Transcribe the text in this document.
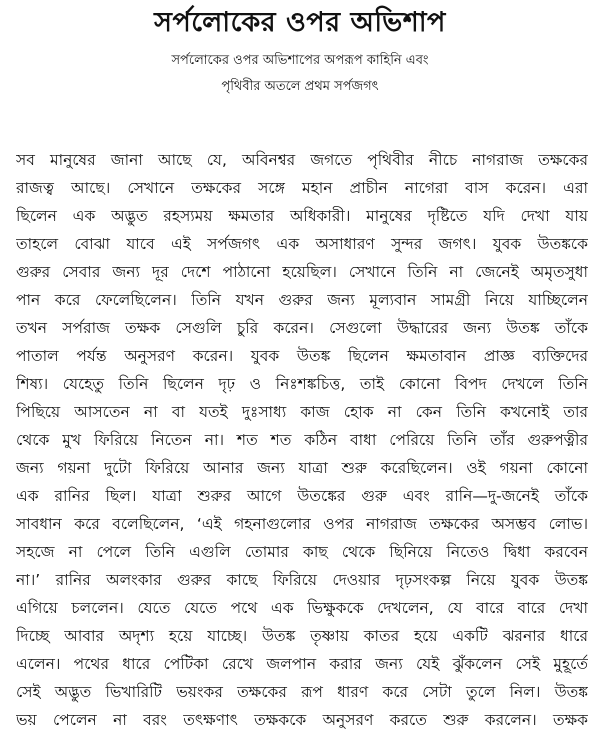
সর্পলোকের ওপর অভিশাপ
সর্পলোকের ওপর অভিশাপের অপরূপ কাহিনি এবং
পৃথিবীর অতলে প্রথম সর্পজগৎ
সব মানুষের জানা আছে যে, অবিনশ্বর জগতে পৃথিবীর নীচে নাগরাজ তক্ষকের
রাজত্ব আছে। সেখানে তক্ষকের সঙ্গে মহান প্রাচীন নাগেরা বাস করেন। এরা
ছিলেন এক অদ্ভুত রহস্যময় ক্ষমতার অধিকারী। মানুষের দৃষ্টিতে যদি দেখা যায়
তাহলে বোঝা যাবে এই সর্পজগৎ এক অসাধারণ সুন্দর জগৎ। যুবক উতঙ্ককে
গুরুর সেবার জন্য দূর দেশে পাঠানো হয়েছিল। সেখানে তিনি না জেনেই অমৃতসুধা
পান করে ফেলেছিলেন। তিনি যখন গুরুর জন্য মূল্যবান সামগ্রী নিয়ে যাচ্ছিলেন
তখন সর্পরাজ তক্ষক সেগুলি চুরি করেন। সেগুলো উদ্ধারের জন্য উতঙ্ক তাঁকে
পাতাল পর্যন্ত অনুসরণ করেন। যুবক উতঙ্ক ছিলেন ক্ষমতাবান প্রাজ্ঞ ব্যক্তিদের
শিষ্য। যেহেতু তিনি ছিলেন দৃঢ় ও নিঃশঙ্কচিত্ত, তাই কোনো বিপদ দেখলে তিনি
পিছিয়ে আসতেন না বা যতই দুঃসাধ্য কাজ হোক না কেন তিনি কখনোই তার
থেকে মুখ ফিরিয়ে নিতেন না। শত শত কঠিন বাধা পেরিয়ে তিনি তাঁর গুরুপত্নীর
জন্য গয়না দুটো ফিরিয়ে আনার জন্য যাত্রা শুরু করেছিলেন। ওই গয়না কোনো
এক রানির ছিল। যাত্রা শুরুর আগে উতঙ্কের গুরু এবং রানি—দু-জনেই তাঁকে
সাবধান করে বলেছিলেন, ‘এই গহনাগুলোর ওপর নাগরাজ তক্ষকের অসম্ভব লোভ।
সহজে না পেলে তিনি এগুলি তোমার কাছ থেকে ছিনিয়ে নিতেও দ্বিধা করবেন
না।’ রানির অলংকার গুরুর কাছে ফিরিয়ে দেওয়ার দৃঢ়সংকল্প নিয়ে যুবক উতঙ্ক
এগিয়ে চললেন। যেতে যেতে পথে এক ভিক্ষুককে দেখলেন, যে বারে বারে দেখা
দিচ্ছে আবার অদৃশ্য হয়ে যাচ্ছে। উতঙ্ক তৃষ্ণায় কাতর হয়ে একটি ঝরনার ধারে
এলেন। পথের ধারে পেটিকা রেখে জলপান করার জন্য যেই ঝুঁকলেন সেই মুহূর্তে
সেই অদ্ভুত ভিখারিটি ভয়ংকর তক্ষকের রূপ ধারণ করে সেটা তুলে নিল। উতঙ্ক
ভয় পেলেন না বরং তৎক্ষণাৎ তক্ষককে অনুসরণ করতে শুরু করলেন। তক্ষক
